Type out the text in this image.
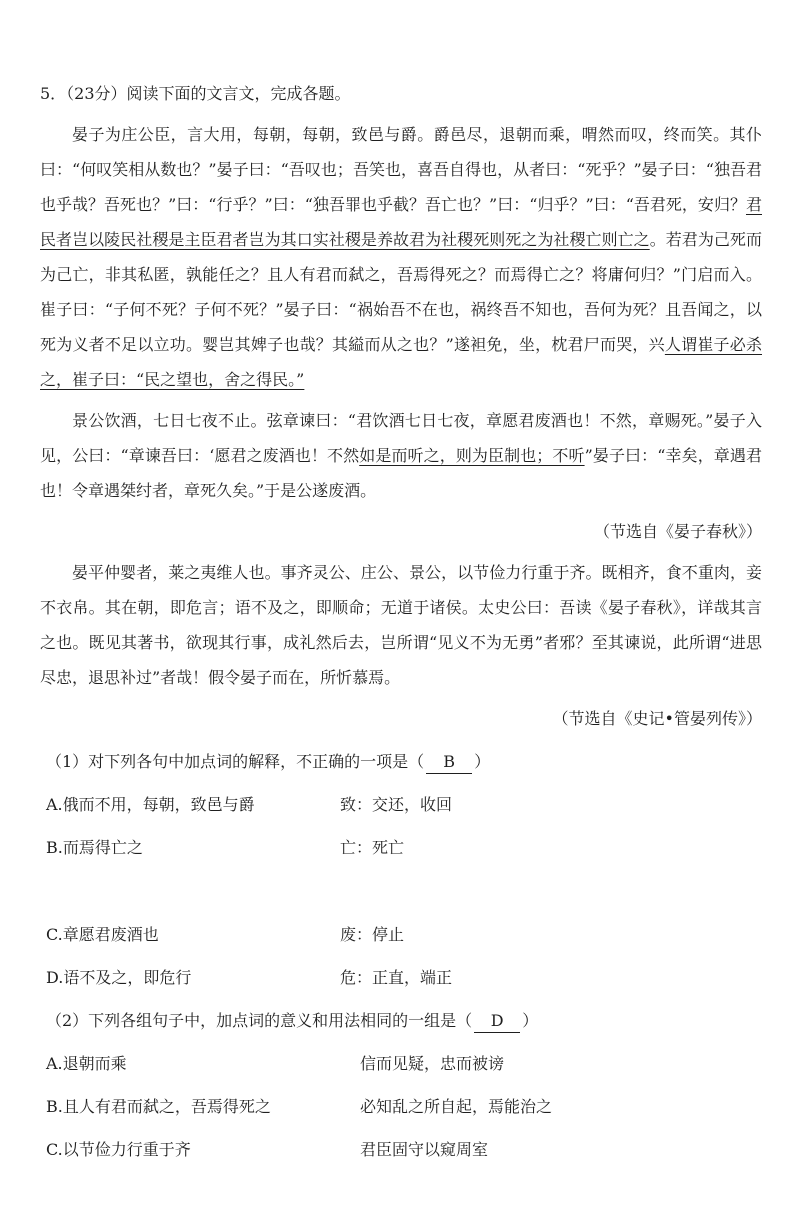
5．（23分）阅读下面的文言文，完成各题。

晏子为庄公臣，言大用，每朝，每朝，致邑与爵。爵邑尽，退朝而乘，喟然而叹，终而笑。其仆曰：“何叹笑相从数也？”晏子曰：“吾叹也；吾笑也，喜吾自得也，从者曰：“死乎？”晏子曰：“独吾君也乎哉？吾死也？”曰：“行乎？”曰：“独吾罪也乎截？吾亡也？”曰：“归乎？”曰：“吾君死，安归？君民者岂以陵民社稷是主臣君者岂为其口实社稷是养故君为社稷死则死之为社稷亡则亡之。若君为己死而为己亡，非其私匿，孰能任之？且人有君而弑之，吾焉得死之？而焉得亡之？将庸何归？”门启而入。崔子曰：“子何不死？子何不死？”晏子曰：“祸始吾不在也，祸终吾不知也，吾何为死？且吾闻之，以死为义者不足以立功。婴岂其婢子也哉？其縊而从之也？”遂袒免，坐，枕君尸而哭，兴人谓崔子必杀之，崔子曰：“民之望也，舍之得民。”

景公饮酒，七日七夜不止。弦章谏曰：“君饮酒七日七夜，章愿君废酒也！不然，章赐死。”晏子入见，公曰：“章谏吾曰：‘愿君之废酒也！不然如是而听之，则为臣制也；不听”晏子曰：“幸矣，章遇君也！令章遇桀纣者，章死久矣。”于是公遂废酒。

（节选自《晏子春秋》）

晏平仲婴者，莱之夷维人也。事齐灵公、庄公、景公，以节俭力行重于齐。既相齐，食不重肉，妾不衣帛。其在朝，即危言；语不及之，即顺命；无道于诸侯。太史公曰：吾读《晏子春秋》，详哉其言之也。既见其著书，欲现其行事，成礼然后去，岂所谓“见义不为无勇”者邪？至其谏说，此所谓“进思尽忠，退思补过”者哉！假令晏子而在，所忻慕焉。

（节选自《史记•管晏列传》）

（1）对下列各句中加点词的解释，不正确的一项是（ B ）

A.俄而不用，每朝，致邑与爵	致：交还，收回
B.而焉得亡之	亡：死亡
C.章愿君废酒也	废：停止
D.语不及之，即危行	危：正直，端正

（2）下列各组句子中，加点词的意义和用法相同的一组是（ D ）

A.退朝而乘	信而见疑，忠而被谤
B.且人有君而弑之，吾焉得死之	必知乱之所自起，焉能治之
C.以节俭力行重于齐	君臣固守以窥周室
